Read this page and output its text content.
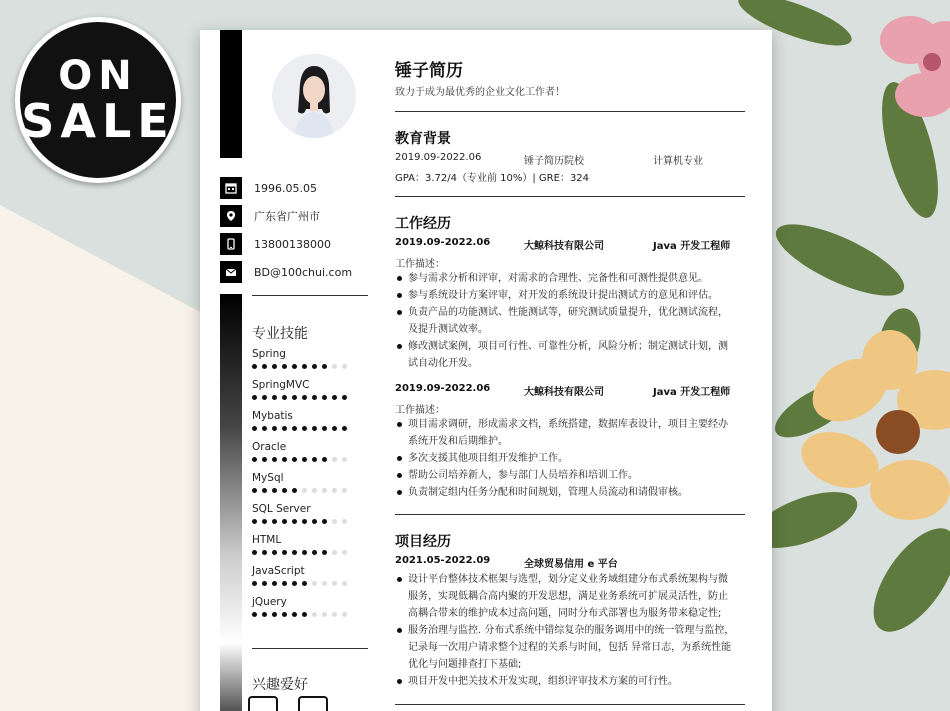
ON
SALE
1996.05.05
广东省广州市
13800138000
BD@100chui.com
专业技能
Spring
SpringMVC
Mybatis
Oracle
MySql
SQL Server
HTML
JavaScript
jQuery
兴趣爱好
锤子简历
致力于成为最优秀的企业文化工作者！
教育背景
2019.09-2022.06	锤子简历院校	计算机专业
GPA：3.72/4（专业前 10%）| GRE：324
工作经历
2019.09-2022.06	大鲸科技有限公司	Java 开发工程师
工作描述：
参与需求分析和评审，对需求的合理性、完备性和可测性提供意见。
参与系统设计方案评审，对开发的系统设计提出测试方的意见和评估。
负责产品的功能测试、性能测试等，研究测试质量提升，优化测试流程，及提升测试效率。
修改测试案例，项目可行性、可靠性分析，风险分析；制定测试计划，测试自动化开发。
2019.09-2022.06	大鲸科技有限公司	Java 开发工程师
工作描述：
项目需求调研，形成需求文档，系统搭建，数据库表设计，项目主要经办系统开发和后期维护。
多次支援其他项目组开发维护工作。
帮助公司培养新人，参与部门人员培养和培训工作。
负责制定组内任务分配和时间规划，管理人员流动和请假审核。
项目经历
2021.05-2022.09	全球贸易信用 e 平台
设计平台整体技术框架与选型，划分定义业务域组建分布式系统架构与微服务，实现低耦合高内聚的开发思想，满足业务系统可扩展灵活性，防止高耦合带来的维护成本过高问题，同时分布式部署也为服务带来稳定性;
服务治理与监控. 分布式系统中错综复杂的服务调用中的统一管理与监控，记录每一次用户请求整个过程的关系与时间，包括 异常日志，为系统性能优化与问题排查打下基础;
项目开发中把关技术开发实现，组织评审技术方案的可行性。
